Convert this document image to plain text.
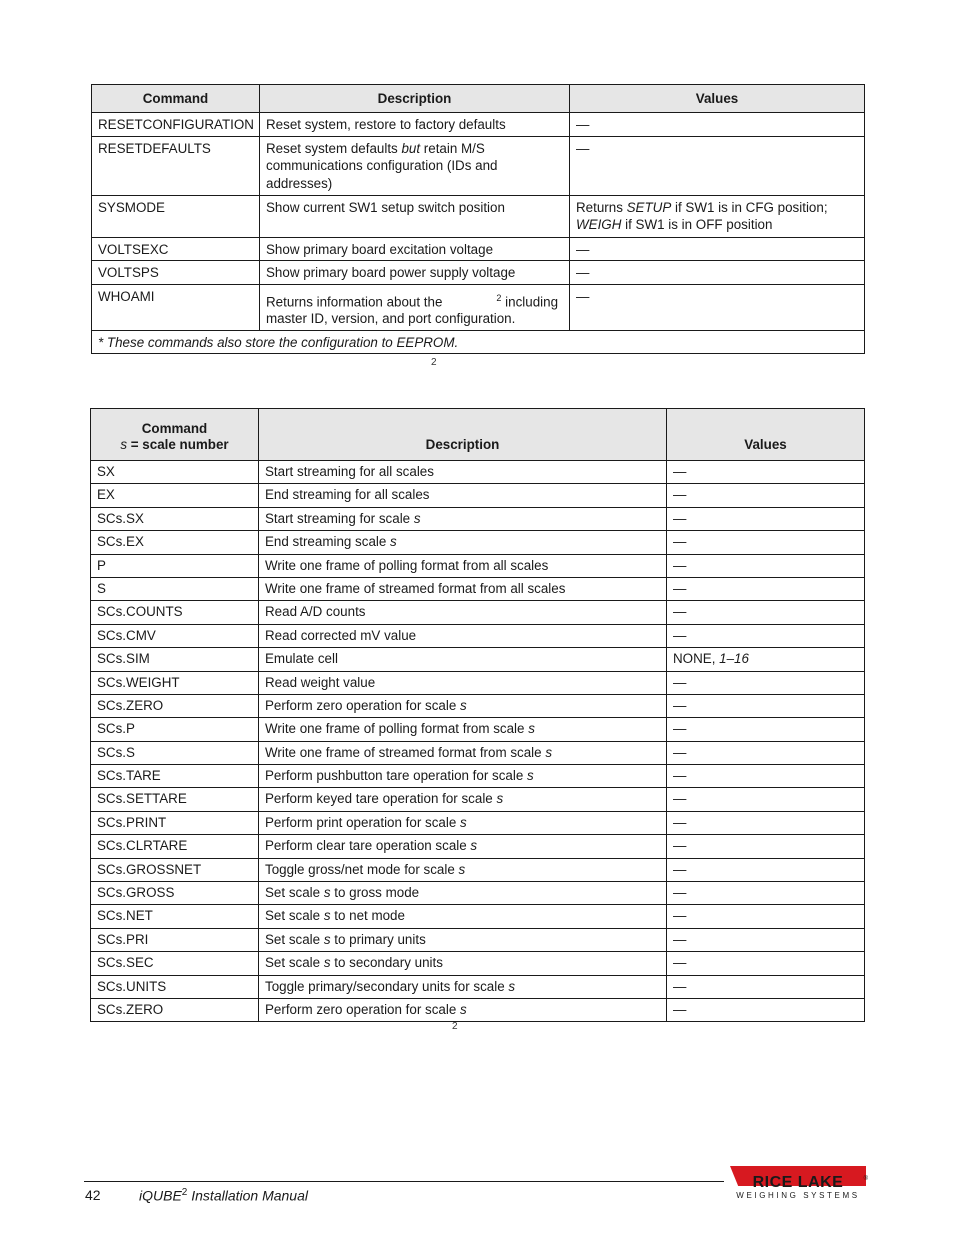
Command	Description	Values
RESETCONFIGURATION	Reset system, restore to factory defaults	—
RESETDEFAULTS	Reset system defaults but retain M/S communications configuration (IDs and addresses)	—
SYSMODE	Show current SW1 setup switch position	Returns SETUP if SW1 is in CFG position; WEIGH if SW1 is in OFF position
VOLTSEXC	Show primary board excitation voltage	—
VOLTSPS	Show primary board power supply voltage	—
WHOAMI	Returns information about the $^2$ including master ID, version, and port configuration.	—
* These commands also store the configuration to EEPROM.		
2
Command
s = scale number	Description	Values
SX	Start streaming for all scales	—
EX	End streaming for all scales	—
SCs.SX	Start streaming for scale s	—
SCs.EX	End streaming scale s	—
P	Write one frame of polling format from all scales	—
S	Write one frame of streamed format from all scales	—
SCs.COUNTS	Read A/D counts	—
SCs.CMV	Read corrected mV value	—
SCs.SIM	Emulate cell	NONE, 1–16
SCs.WEIGHT	Read weight value	—
SCs.ZERO	Perform zero operation for scale s	—
SCs.P	Write one frame of polling format from scale s	—
SCs.S	Write one frame of streamed format from scale s	—
SCs.TARE	Perform pushbutton tare operation for scale s	—
SCs.SETTARE	Perform keyed tare operation for scale s	—
SCs.PRINT	Perform print operation for scale s	—
SCs.CLRTARE	Perform clear tare operation scale s	—
SCs.GROSSNET	Toggle gross/net mode for scale s	—
SCs.GROSS	Set scale s to gross mode	—
SCs.NET	Set scale s to net mode	—
SCs.PRI	Set scale s to primary units	—
SCs.SEC	Set scale s to secondary units	—
SCs.UNITS	Toggle primary/secondary units for scale s	—
SCs.ZERO	Perform zero operation for scale s	—
2
42	iQUBE$^2$ Installation Manual
RICE LAKE	®
WEIGHING SYSTEMS
